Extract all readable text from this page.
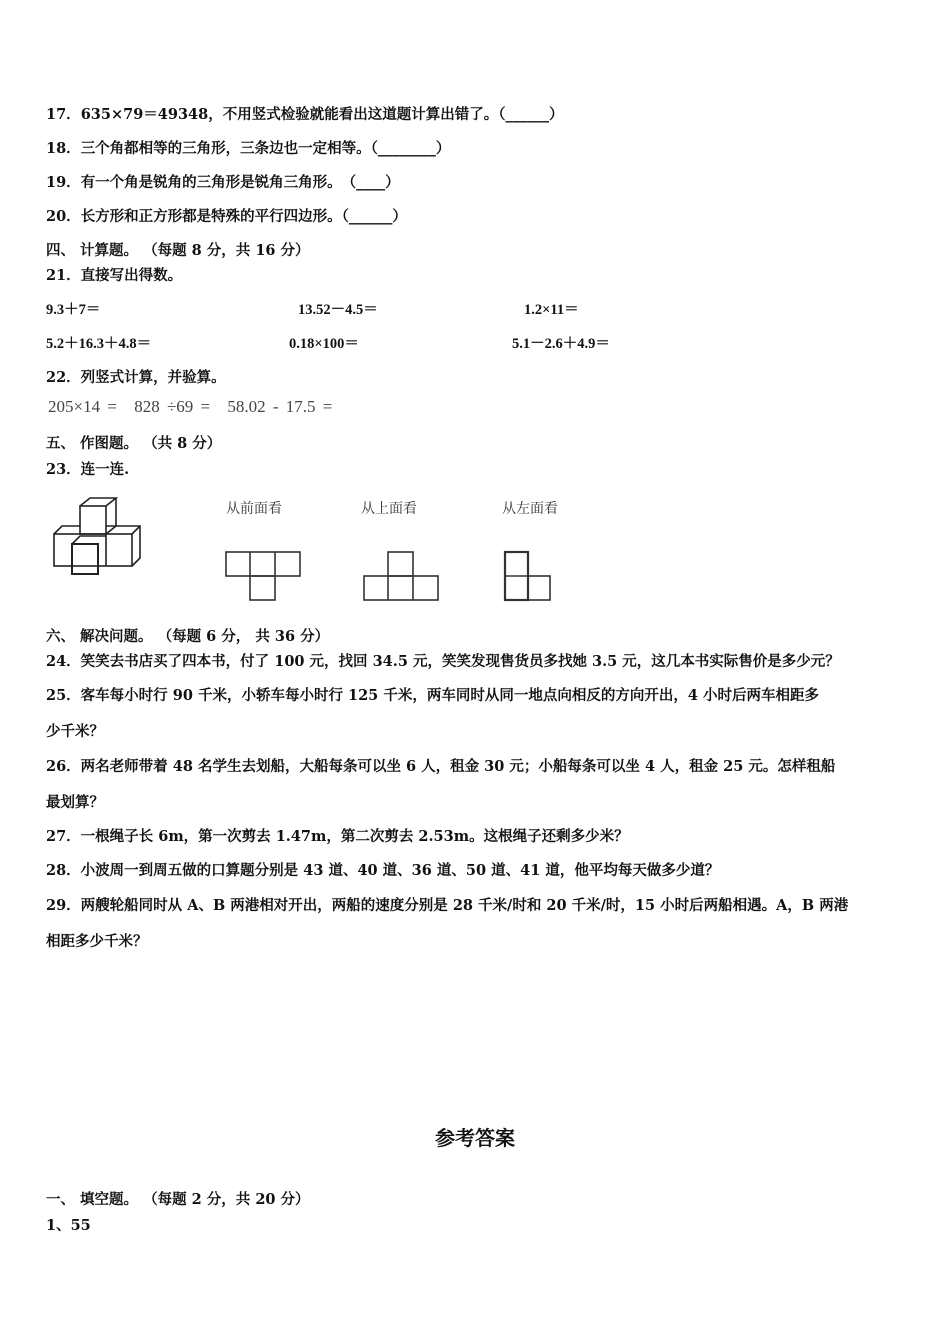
17．635×79＝49348，不用竖式检验就能看出这道题计算出错了。（______）
18．三个角都相等的三角形，三条边也一定相等。（________）
19．有一个角是锐角的三角形是锐角三角形。　（____）
20．长方形和正方形都是特殊的平行四边形。（______）
四、 计算题。 （每题 8 分，共 16 分）
21．直接写出得数。
9.3＋7＝	13.52－4.5＝	1.2×11＝
5.2＋16.3＋4.8＝	0.18×100＝	5.1－2.6＋4.9＝
22．列竖式计算，并验算。
205×14 = 828 ÷69 = 58.02 - 17.5 =
五、 作图题。 （共 8 分）
23．连一连.
从前面看	从上面看	从左面看
六、 解决问题。 （每题 6 分， 共 36 分）
24．笑笑去书店买了四本书，付了 100 元，找回 34.5 元，笑笑发现售货员多找她 3.5 元，这几本书实际售价是多少元？
25．客车每小时行 90 千米，小轿车每小时行 125 千米，两车同时从同一地点向相反的方向开出，4 小时后两车相距多
少千米？
26．两名老师带着 48 名学生去划船，大船每条可以坐 6 人，租金 30 元；小船每条可以坐 4 人，租金 25 元。怎样租船
最划算？
27．一根绳子长 6m，第一次剪去 1.47m，第二次剪去 2.53m。这根绳子还剩多少米？
28．小波周一到周五做的口算题分别是 43 道、40 道、36 道、50 道、41 道，他平均每天做多少道？
29．两艘轮船同时从 A、B 两港相对开出，两船的速度分别是 28 千米/时和 20 千米/时，15 小时后两船相遇。A，B 两港
相距多少千米？
参考答案
一、 填空题。 （每题 2 分，共 20 分）
1、55
